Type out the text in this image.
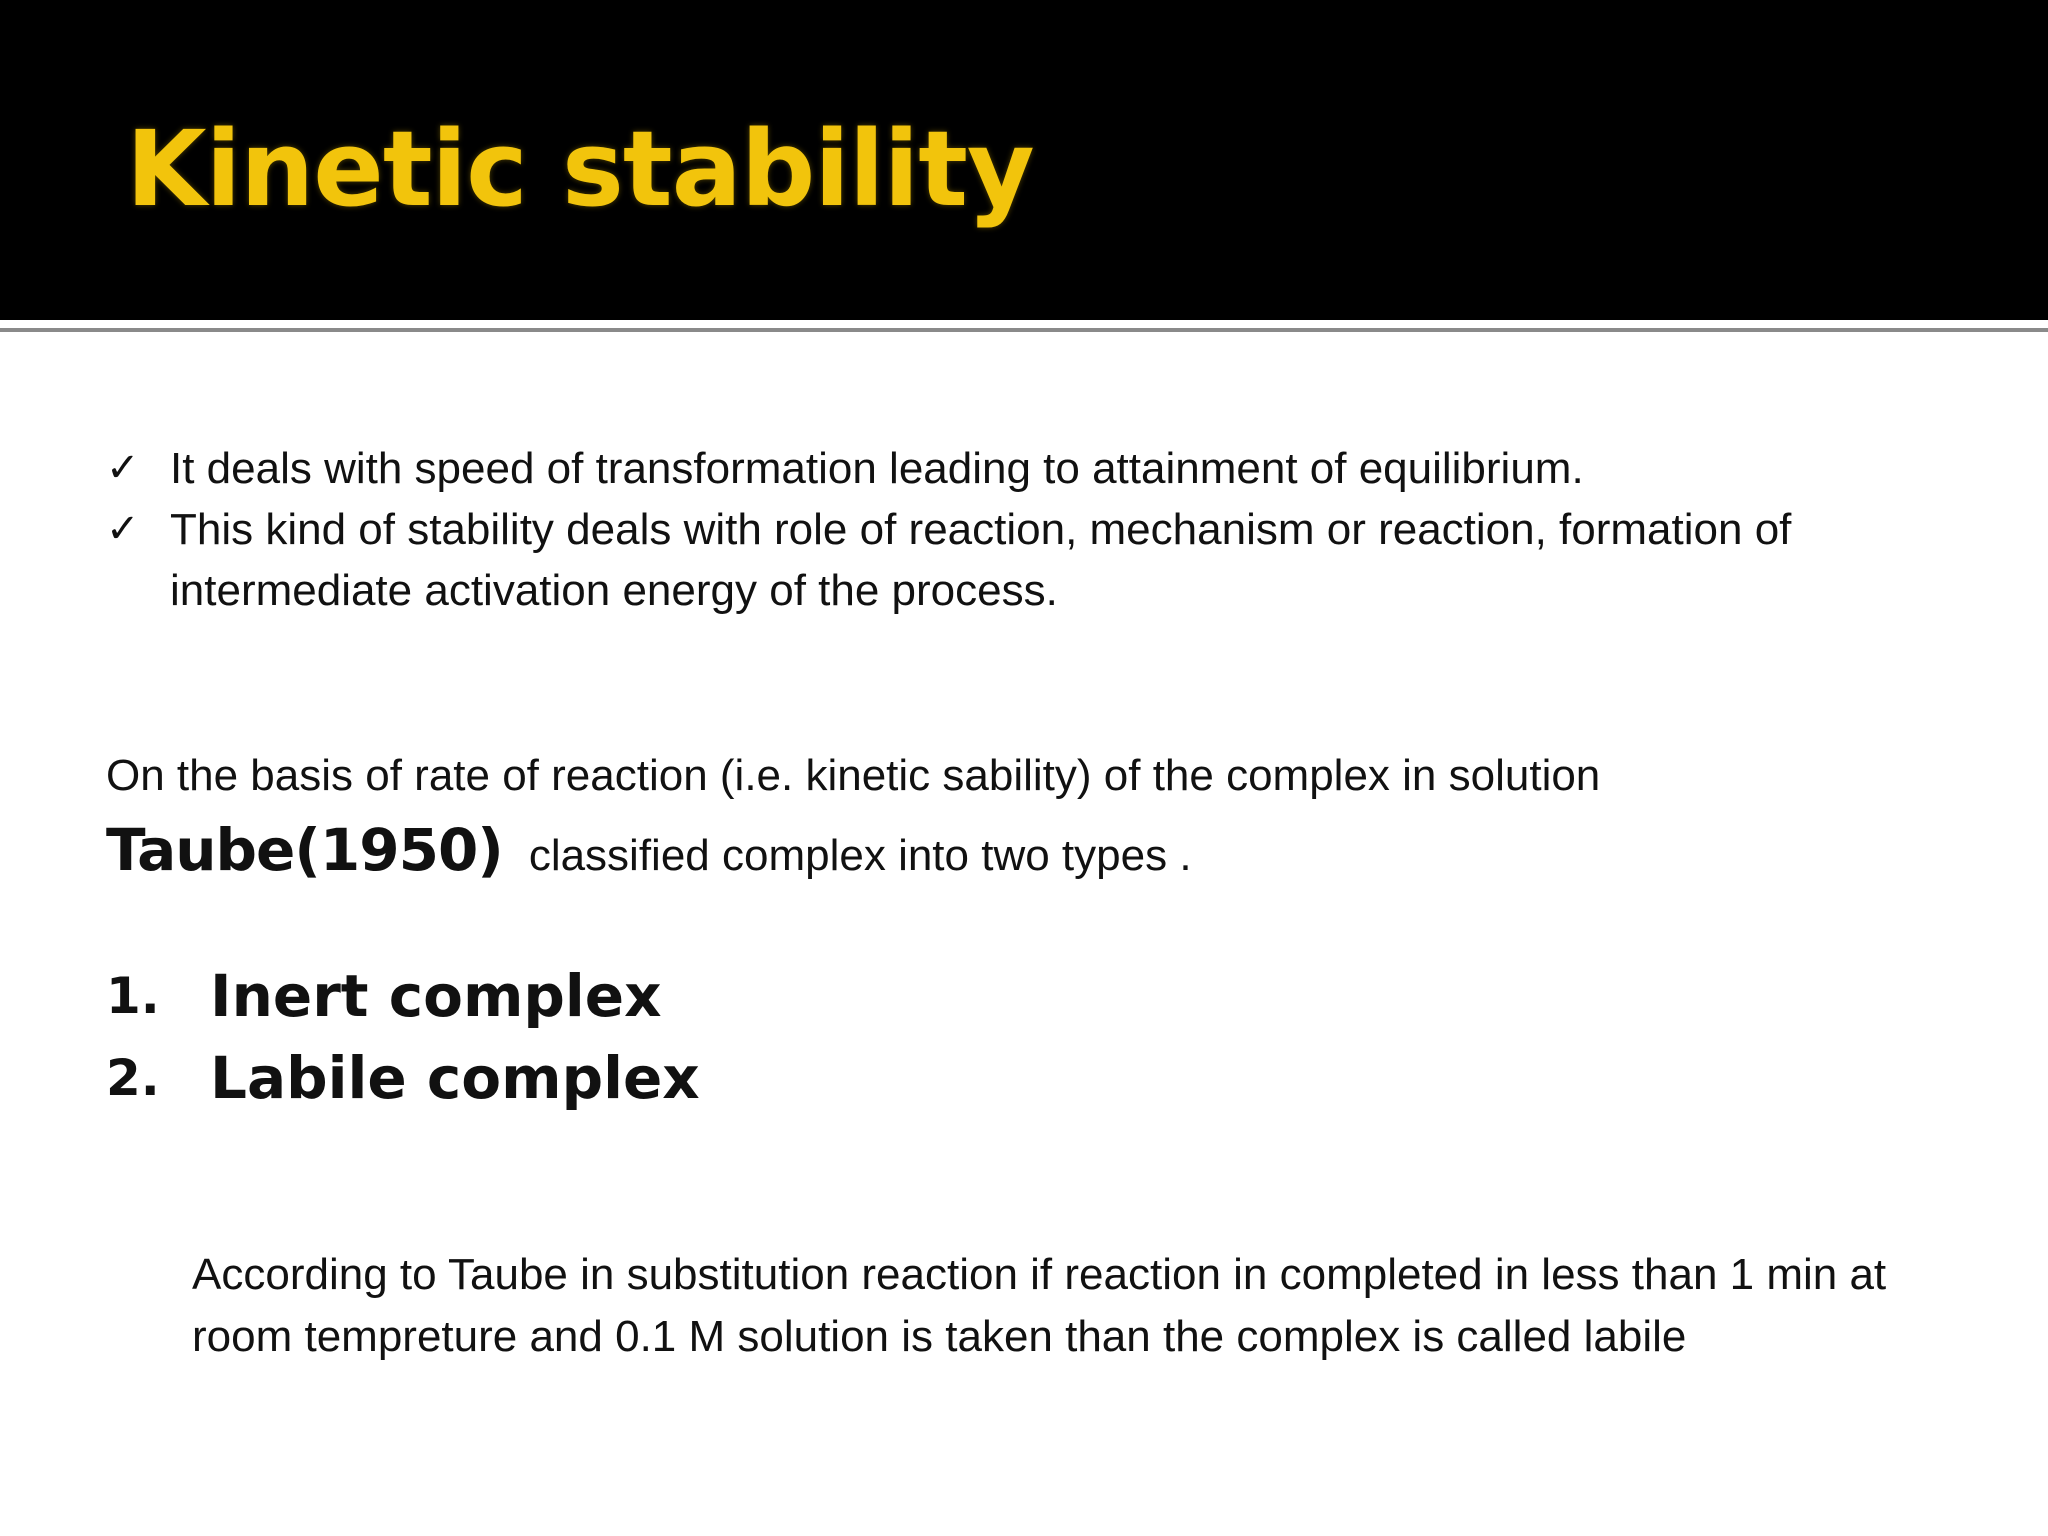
Kinetic stability
✓ It deals with speed of transformation leading to attainment of equilibrium.
✓ This kind of stability deals with role of reaction, mechanism or reaction, formation of intermediate activation energy of the process.
On the basis of rate of reaction (i.e. kinetic sability) of the complex in solution
Taube(1950) classified complex into two types .
1. Inert complex
2. Labile complex
According to Taube in substitution reaction if reaction in completed in less than 1 min at room tempreture and 0.1 M solution is taken than the complex is called labile
